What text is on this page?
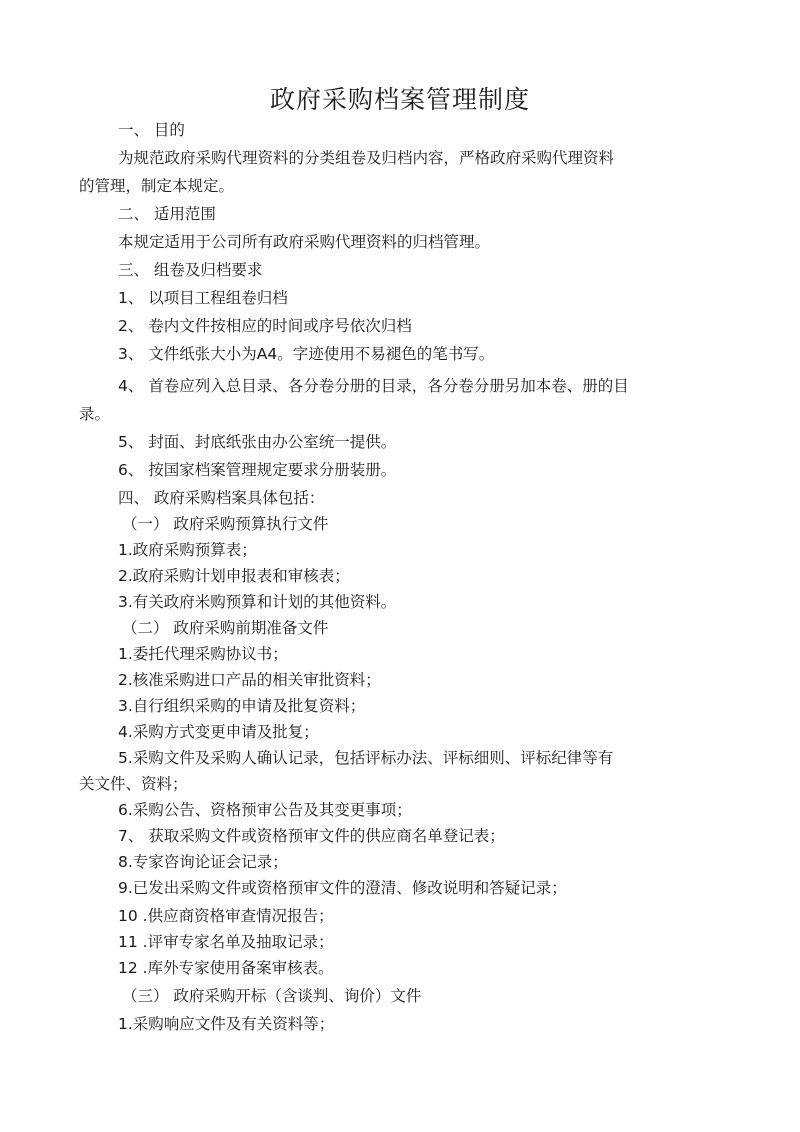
政府采购档案管理制度
一、 目的
为规范政府采购代理资料的分类组卷及归档内容，严格政府采购代理资料
的管理，制定本规定。
二、 适用范围
本规定适用于公司所有政府采购代理资料的归档管理。
三、 组卷及归档要求
1、 以项目工程组卷归档
2、 卷内文件按相应的时间或序号依次归档
3、 文件纸张大小为A4。字迹使用不易褪色的笔书写。
4、 首卷应列入总目录、各分卷分册的目录，各分卷分册另加本卷、册的目
录。
5、 封面、封底纸张由办公室统一提供。
6、 按国家档案管理规定要求分册装册。
四、 政府采购档案具体包括：
（一） 政府采购预算执行文件
1.政府采购预算表；
2.政府采购计划申报表和审核表；
3.有关政府米购预算和计划的其他资料。
（二） 政府采购前期准备文件
1.委托代理采购协议书；
2.核准采购进口产品的相关审批资料；
3.自行组织采购的申请及批复资料；
4.采购方式变更申请及批复；
5.采购文件及采购人确认记录，包括评标办法、评标细则、评标纪律等有
关文件、资料；
6.采购公告、资格预审公告及其变更事项；
7、 获取采购文件或资格预审文件的供应商名单登记表；
8.专家咨询论证会记录；
9.已发出采购文件或资格预审文件的澄清、修改说明和答疑记录；
10 .供应商资格审查情况报告；
11 .评审专家名单及抽取记录；
12 .库外专家使用备案审核表。
（三） 政府采购开标（含谈判、询价）文件
1.采购响应文件及有关资料等；
